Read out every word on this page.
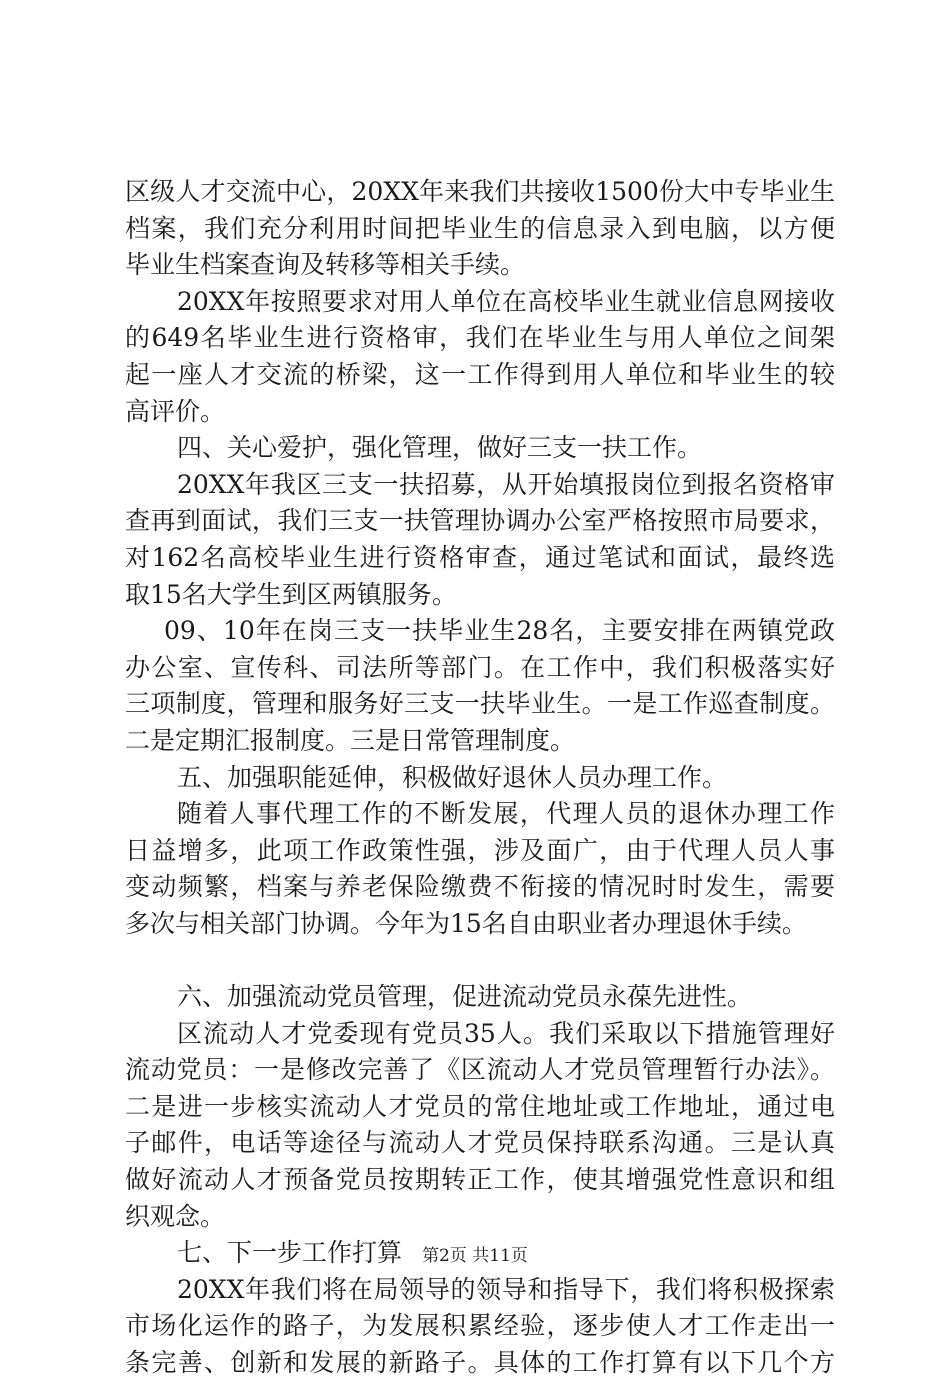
区级人才交流中心，20XX年来我们共接收1500份大中专毕业生
档案，我们充分利用时间把毕业生的信息录入到电脑，以方便
毕业生档案查询及转移等相关手续。
20XX年按照要求对用人单位在高校毕业生就业信息网接收
的649名毕业生进行资格审，我们在毕业生与用人单位之间架
起一座人才交流的桥梁，这一工作得到用人单位和毕业生的较
高评价。
四、关心爱护，强化管理，做好三支一扶工作。
20XX年我区三支一扶招募，从开始填报岗位到报名资格审
查再到面试，我们三支一扶管理协调办公室严格按照市局要求，
对162名高校毕业生进行资格审查，通过笔试和面试，最终选
取15名大学生到区两镇服务。
09、10年在岗三支一扶毕业生28名，主要安排在两镇党政
办公室、宣传科、司法所等部门。在工作中，我们积极落实好
三项制度，管理和服务好三支一扶毕业生。一是工作巡查制度。
二是定期汇报制度。三是日常管理制度。
五、加强职能延伸，积极做好退休人员办理工作。
随着人事代理工作的不断发展，代理人员的退休办理工作
日益增多，此项工作政策性强，涉及面广，由于代理人员人事
变动频繁，档案与养老保险缴费不衔接的情况时时发生，需要
多次与相关部门协调。今年为15名自由职业者办理退休手续。
六、加强流动党员管理，促进流动党员永葆先进性。
区流动人才党委现有党员35人。我们采取以下措施管理好
流动党员：一是修改完善了《区流动人才党员管理暂行办法》。
二是进一步核实流动人才党员的常住地址或工作地址，通过电
子邮件，电话等途径与流动人才党员保持联系沟通。三是认真
做好流动人才预备党员按期转正工作，使其增强党性意识和组
织观念。
七、下一步工作打算
20XX年我们将在局领导的领导和指导下，我们将积极探索
市场化运作的路子，为发展积累经验，逐步使人才工作走出一
条完善、创新和发展的新路子。具体的工作打算有以下几个方
第2页 共11页
